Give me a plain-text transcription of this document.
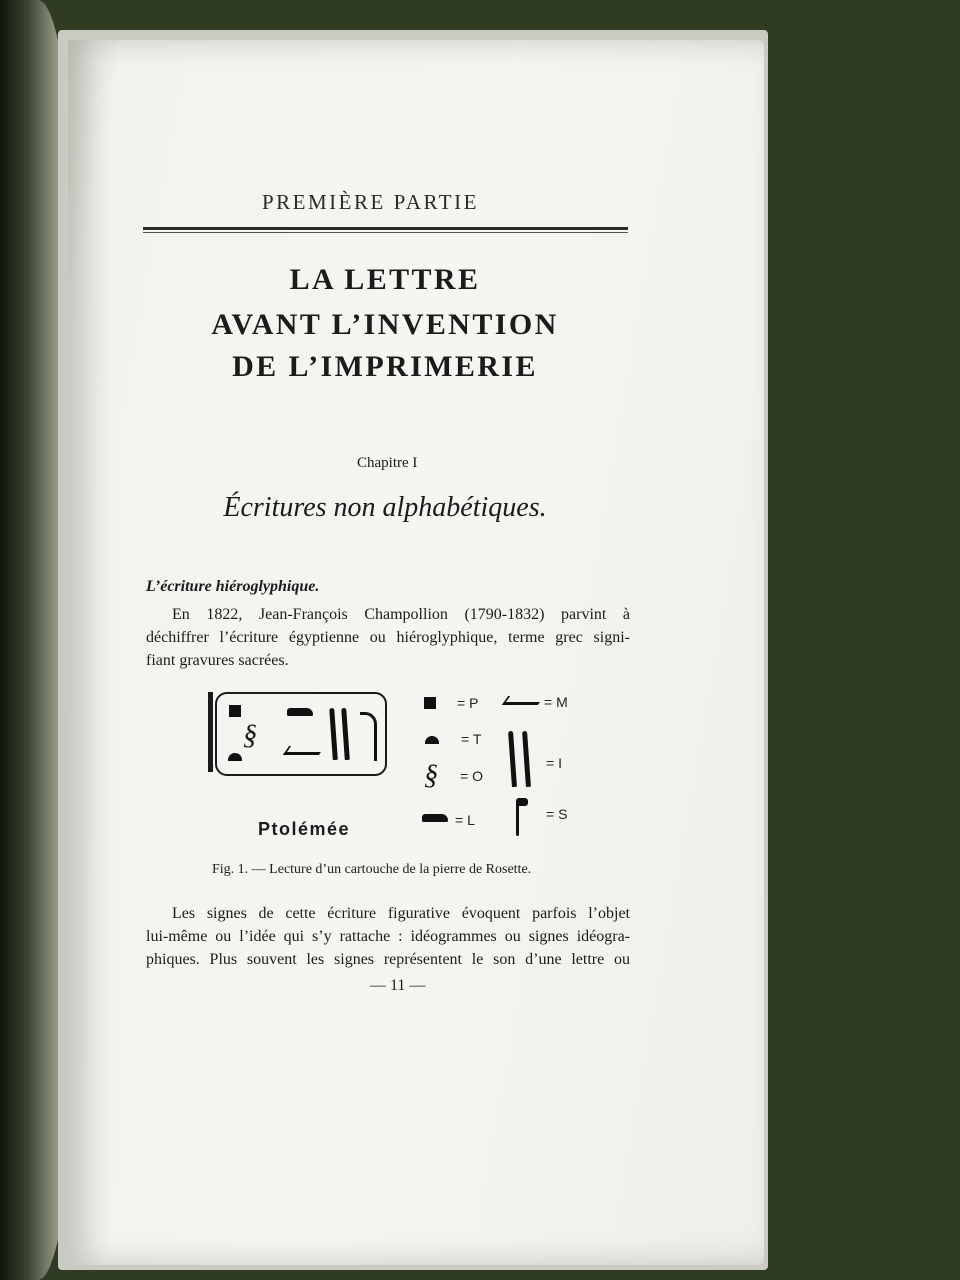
PREMIÈRE PARTIE
LA LETTRE
AVANT L’INVENTION
DE L’IMPRIMERIE
Chapitre I
Écritures non alphabétiques.
L’écriture hiéroglyphique.
En 1822, Jean-François Champollion (1790-1832) parvint à
déchiffrer l’écriture égyptienne ou hiéroglyphique, terme grec signi-
fiant gravures sacrées.
§
= P	= M
= T
= I
§ = O
= L	= S
Ptolémée
Fig. 1. — Lecture d’un cartouche de la pierre de Rosette.
Les signes de cette écriture figurative évoquent parfois l’objet
lui-même ou l’idée qui s’y rattache : idéogrammes ou signes idéogra-
phiques. Plus souvent les signes représentent le son d’une lettre ou
— 11 —
